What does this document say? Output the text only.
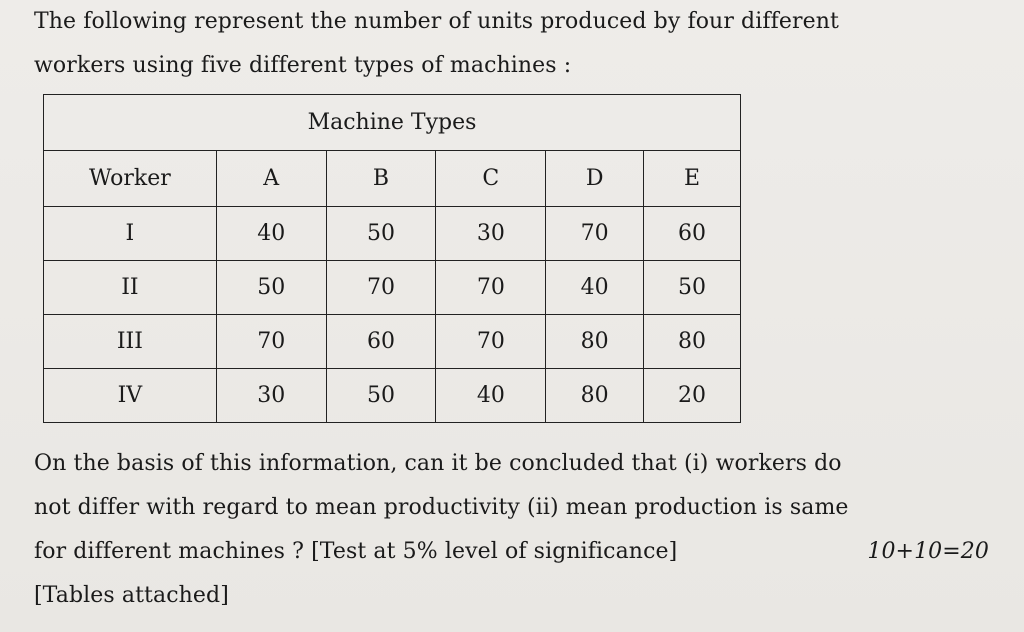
The following represent the number of units produced by four different
workers using five different types of machines :
Machine Types					
Worker	A	B	C	D	E
I	40	50	30	70	60
II	50	70	70	40	50
III	70	60	70	80	80
IV	30	50	40	80	20
On the basis of this information, can it be concluded that (i) workers do
not differ with regard to mean productivity (ii) mean production is same
for different machines ? [Test at 5% level of significance]	10+10=20
[Tables attached]
